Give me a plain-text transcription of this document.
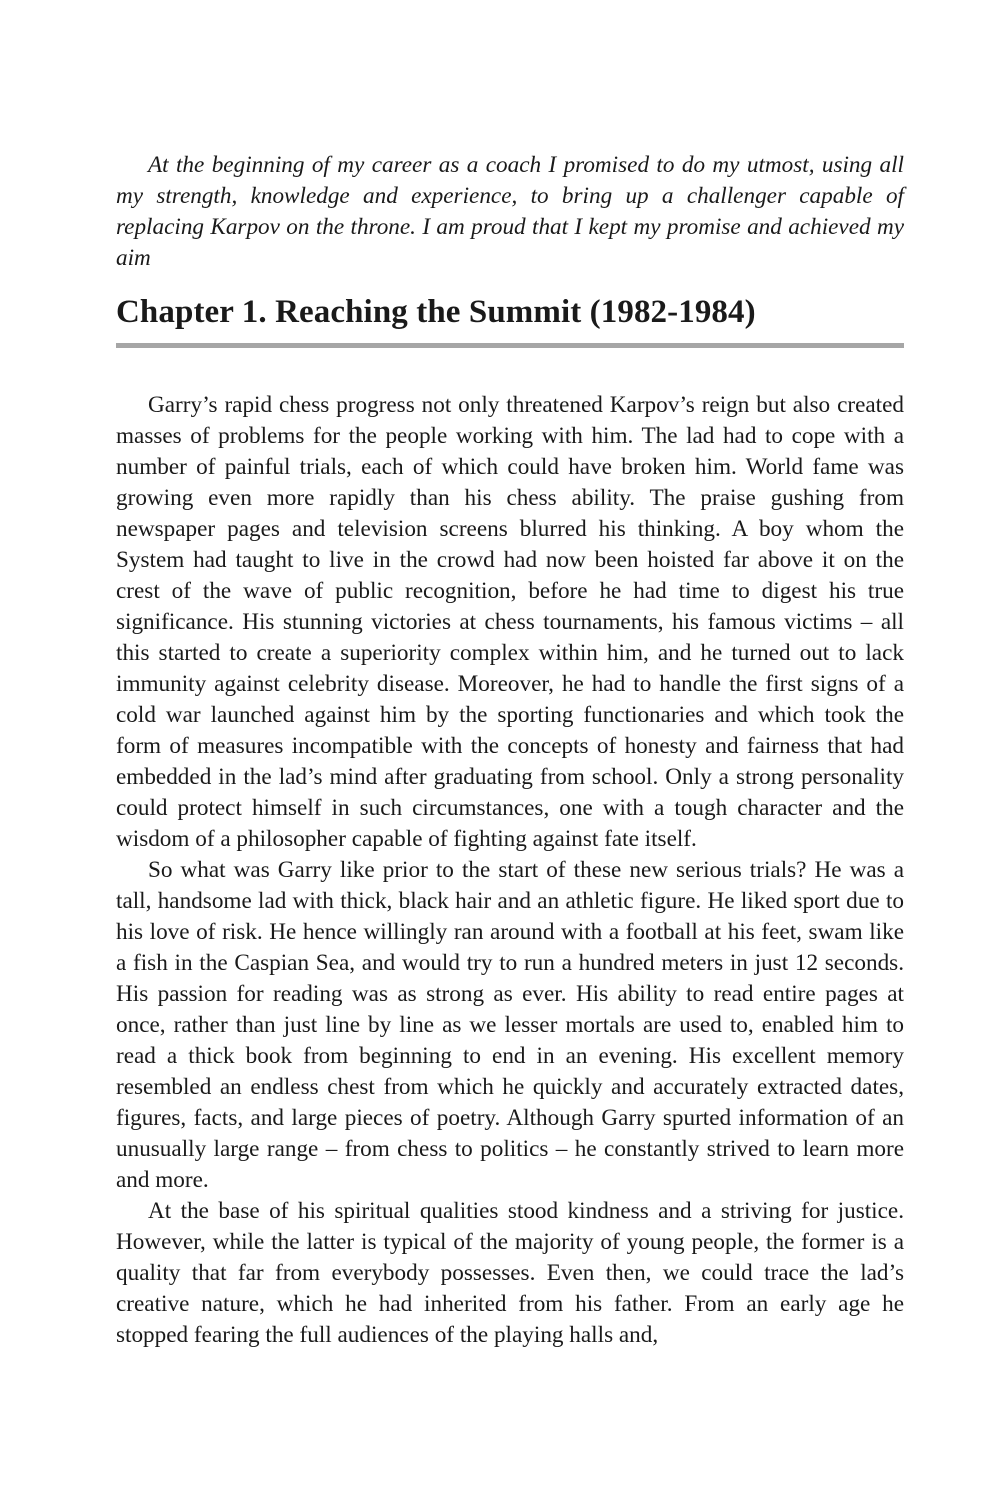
At the beginning of my career as a coach I promised to do my utmost, using all my strength, knowledge and experience, to bring up a challenger capable of replacing Karpov on the throne. I am proud that I kept my promise and achieved my aim

Chapter 1. Reaching the Summit (1982-1984)

Garry’s rapid chess progress not only threatened Karpov’s reign but also created masses of problems for the people working with him. The lad had to cope with a number of painful trials, each of which could have broken him. World fame was growing even more rapidly than his chess ability. The praise gushing from newspaper pages and television screens blurred his thinking. A boy whom the System had taught to live in the crowd had now been hoisted far above it on the crest of the wave of public recognition, before he had time to digest his true significance. His stunning victories at chess tournaments, his famous victims – all this started to create a superiority complex within him, and he turned out to lack immunity against celebrity disease. Moreover, he had to handle the first signs of a cold war launched against him by the sporting functionaries and which took the form of measures incompatible with the concepts of honesty and fairness that had embedded in the lad’s mind after graduating from school. Only a strong personality could protect himself in such circumstances, one with a tough character and the wisdom of a philosopher capable of fighting against fate itself.

So what was Garry like prior to the start of these new serious trials? He was a tall, handsome lad with thick, black hair and an athletic figure. He liked sport due to his love of risk. He hence willingly ran around with a football at his feet, swam like a fish in the Caspian Sea, and would try to run a hundred meters in just 12 seconds. His passion for reading was as strong as ever. His ability to read entire pages at once, rather than just line by line as we lesser mortals are used to, enabled him to read a thick book from beginning to end in an evening. His excellent memory resembled an endless chest from which he quickly and accurately extracted dates, figures, facts, and large pieces of poetry. Although Garry spurted information of an unusually large range – from chess to politics – he constantly strived to learn more and more.

At the base of his spiritual qualities stood kindness and a striving for justice. However, while the latter is typical of the majority of young people, the former is a quality that far from everybody possesses. Even then, we could trace the lad’s creative nature, which he had inherited from his father. From an early age he stopped fearing the full audiences of the playing halls and,
